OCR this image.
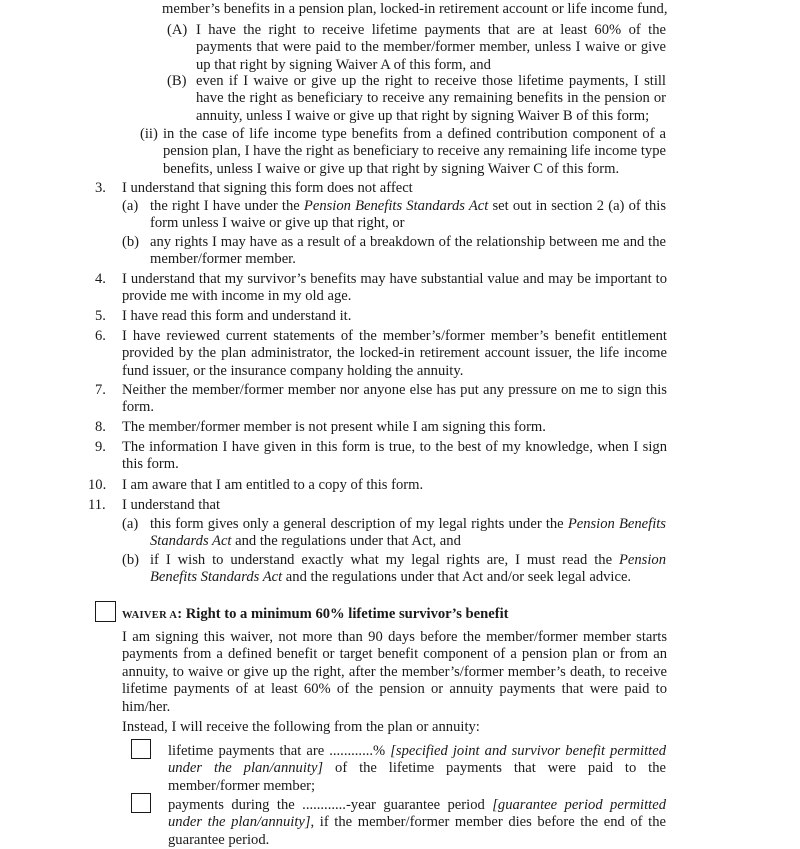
member’s benefits in a pension plan, locked-in retirement account or life income fund,
(A) I have the right to receive lifetime payments that are at least 60% of the payments that were paid to the member/former member, unless I waive or give up that right by signing Waiver A of this form, and
(B) even if I waive or give up the right to receive those lifetime payments, I still have the right as beneficiary to receive any remaining benefits in the pension or annuity, unless I waive or give up that right by signing Waiver B of this form;
(ii) in the case of life income type benefits from a defined contribution component of a pension plan, I have the right as beneficiary to receive any remaining life income type benefits, unless I waive or give up that right by signing Waiver C of this form.
3. I understand that signing this form does not affect
(a) the right I have under the Pension Benefits Standards Act set out in section 2 (a) of this form unless I waive or give up that right, or
(b) any rights I may have as a result of a breakdown of the relationship between me and the member/former member.
4. I understand that my survivor’s benefits may have substantial value and may be important to provide me with income in my old age.
5. I have read this form and understand it.
6. I have reviewed current statements of the member’s/former member’s benefit entitlement provided by the plan administrator, the locked-in retirement account issuer, the life income fund issuer, or the insurance company holding the annuity.
7. Neither the member/former member nor anyone else has put any pressure on me to sign this form.
8. The member/former member is not present while I am signing this form.
9. The information I have given in this form is true, to the best of my knowledge, when I sign this form.
10. I am aware that I am entitled to a copy of this form.
11. I understand that
(a) this form gives only a general description of my legal rights under the Pension Benefits Standards Act and the regulations under that Act, and
(b) if I wish to understand exactly what my legal rights are, I must read the Pension Benefits Standards Act and the regulations under that Act and/or seek legal advice.
WAIVER A: Right to a minimum 60% lifetime survivor’s benefit
I am signing this waiver, not more than 90 days before the member/former member starts payments from a defined benefit or target benefit component of a pension plan or from an annuity, to waive or give up the right, after the member’s/former member’s death, to receive lifetime payments of at least 60% of the pension or annuity payments that were paid to him/her.
Instead, I will receive the following from the plan or annuity:
lifetime payments that are ............% [specified joint and survivor benefit permitted under the plan/annuity] of the lifetime payments that were paid to the member/former member;
payments during the ............-year guarantee period [guarantee period permitted under the plan/annuity], if the member/former member dies before the end of the guarantee period.
